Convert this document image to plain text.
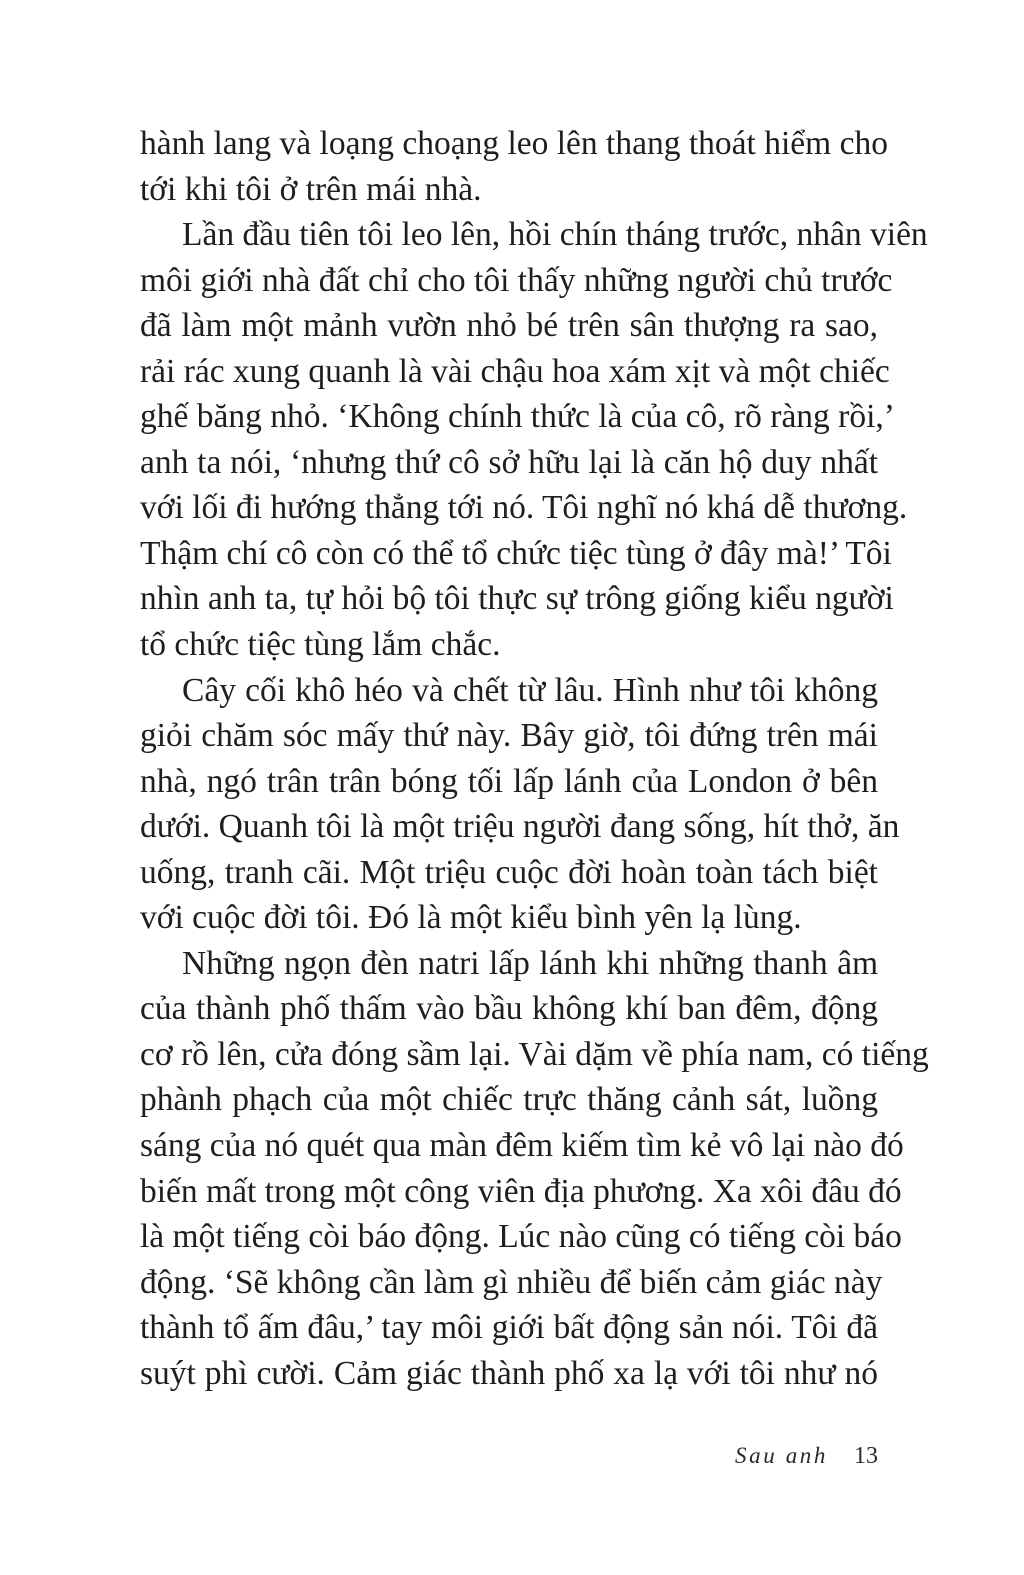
hành lang và loạng choạng leo lên thang thoát hiểm cho
tới khi tôi ở trên mái nhà.
Lần đầu tiên tôi leo lên, hồi chín tháng trước, nhân viên
môi giới nhà đất chỉ cho tôi thấy những người chủ trước
đã làm một mảnh vườn nhỏ bé trên sân thượng ra sao,
rải rác xung quanh là vài chậu hoa xám xịt và một chiếc
ghế băng nhỏ. ‘Không chính thức là của cô, rõ ràng rồi,’
anh ta nói, ‘nhưng thứ cô sở hữu lại là căn hộ duy nhất
với lối đi hướng thẳng tới nó. Tôi nghĩ nó khá dễ thương.
Thậm chí cô còn có thể tổ chức tiệc tùng ở đây mà!’ Tôi
nhìn anh ta, tự hỏi bộ tôi thực sự trông giống kiểu người
tổ chức tiệc tùng lắm chắc.
Cây cối khô héo và chết từ lâu. Hình như tôi không
giỏi chăm sóc mấy thứ này. Bây giờ, tôi đứng trên mái
nhà, ngó trân trân bóng tối lấp lánh của London ở bên
dưới. Quanh tôi là một triệu người đang sống, hít thở, ăn
uống, tranh cãi. Một triệu cuộc đời hoàn toàn tách biệt
với cuộc đời tôi. Đó là một kiểu bình yên lạ lùng.
Những ngọn đèn natri lấp lánh khi những thanh âm
của thành phố thấm vào bầu không khí ban đêm, động
cơ rồ lên, cửa đóng sầm lại. Vài dặm về phía nam, có tiếng
phành phạch của một chiếc trực thăng cảnh sát, luồng
sáng của nó quét qua màn đêm kiếm tìm kẻ vô lại nào đó
biến mất trong một công viên địa phương. Xa xôi đâu đó
là một tiếng còi báo động. Lúc nào cũng có tiếng còi báo
động. ‘Sẽ không cần làm gì nhiều để biến cảm giác này
thành tổ ấm đâu,’ tay môi giới bất động sản nói. Tôi đã
suýt phì cười. Cảm giác thành phố xa lạ với tôi như nó
Sau anh 13
